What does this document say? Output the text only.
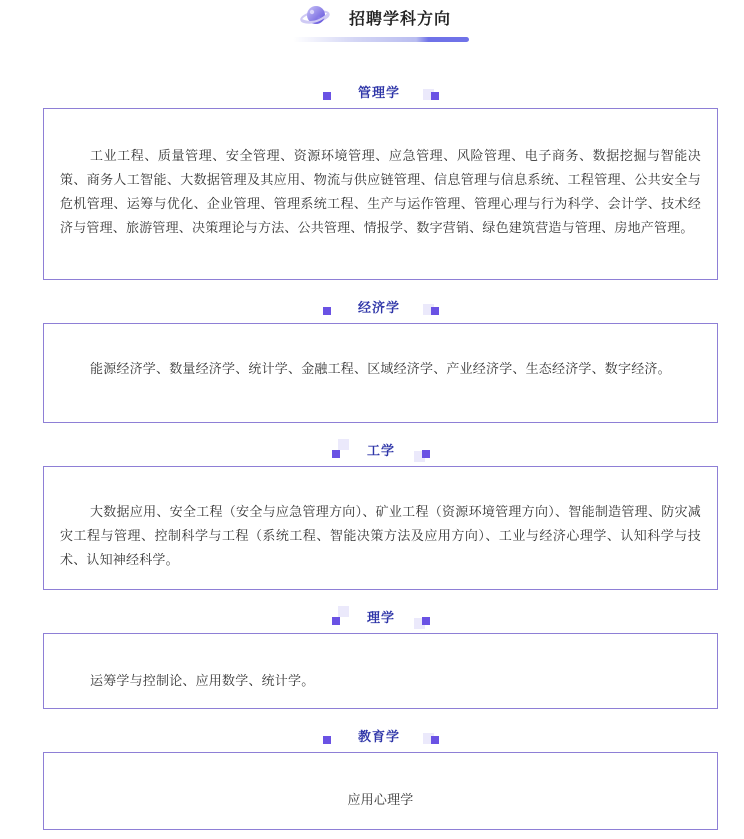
招聘学科方向
管理学
工业工程、质量管理、安全管理、资源环境管理、应急管理、风险管理、电子商务、数据挖掘与智能决策、商务人工智能、大数据管理及其应用、物流与供应链管理、信息管理与信息系统、工程管理、公共安全与危机管理、运筹与优化、企业管理、管理系统工程、生产与运作管理、管理心理与行为科学、会计学、技术经济与管理、旅游管理、决策理论与方法、公共管理、情报学、数字营销、绿色建筑营造与管理、房地产管理。
经济学
能源经济学、数量经济学、统计学、金融工程、区域经济学、产业经济学、生态经济学、数字经济。
工学
大数据应用、安全工程（安全与应急管理方向）、矿业工程（资源环境管理方向）、智能制造管理、防灾减灾工程与管理、控制科学与工程（系统工程、智能决策方法及应用方向）、工业与经济心理学、认知科学与技术、认知神经科学。
理学
运筹学与控制论、应用数学、统计学。
教育学
应用心理学
